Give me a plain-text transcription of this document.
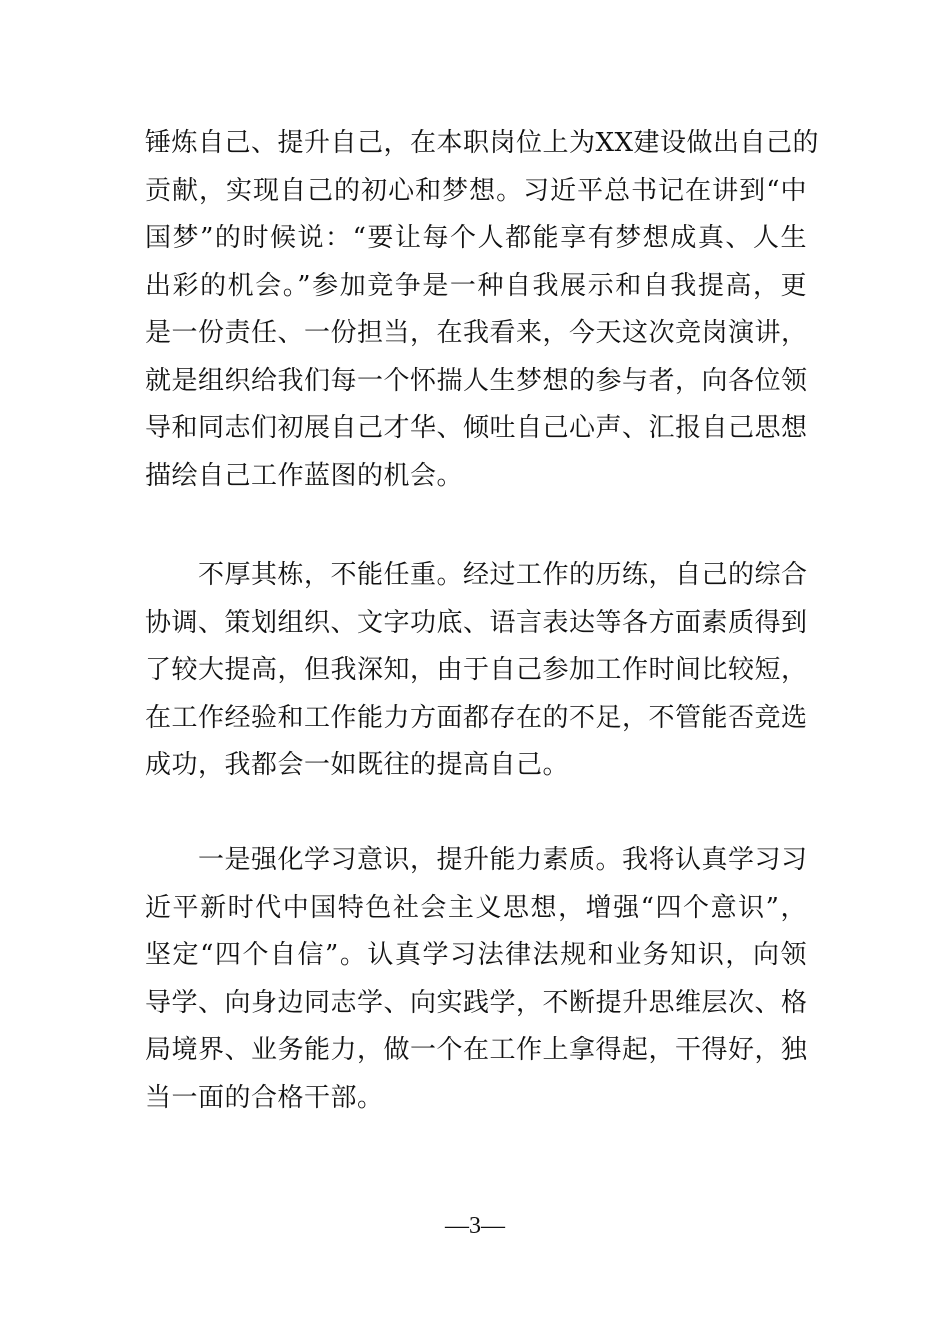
锤炼自己、提升自己，在本职岗位上为XX建设做出自己的
贡献，实现自己的初心和梦想。习近平总书记在讲到“中
国梦”的时候说：“要让每个人都能享有梦想成真、人生
出彩的机会。”参加竞争是一种自我展示和自我提高，更
是一份责任、一份担当，在我看来，今天这次竞岗演讲，
就是组织给我们每一个怀揣人生梦想的参与者，向各位领
导和同志们初展自己才华、倾吐自己心声、汇报自己思想
描绘自己工作蓝图的机会。
不厚其栋，不能任重。经过工作的历练，自己的综合
协调、策划组织、文字功底、语言表达等各方面素质得到
了较大提高，但我深知，由于自己参加工作时间比较短，
在工作经验和工作能力方面都存在的不足，不管能否竞选
成功，我都会一如既往的提高自己。
一是强化学习意识，提升能力素质。我将认真学习习
近平新时代中国特色社会主义思想，增强“四个意识”，
坚定“四个自信”。认真学习法律法规和业务知识，向领
导学、向身边同志学、向实践学，不断提升思维层次、格
局境界、业务能力，做一个在工作上拿得起，干得好，独
当一面的合格干部。
—3—
